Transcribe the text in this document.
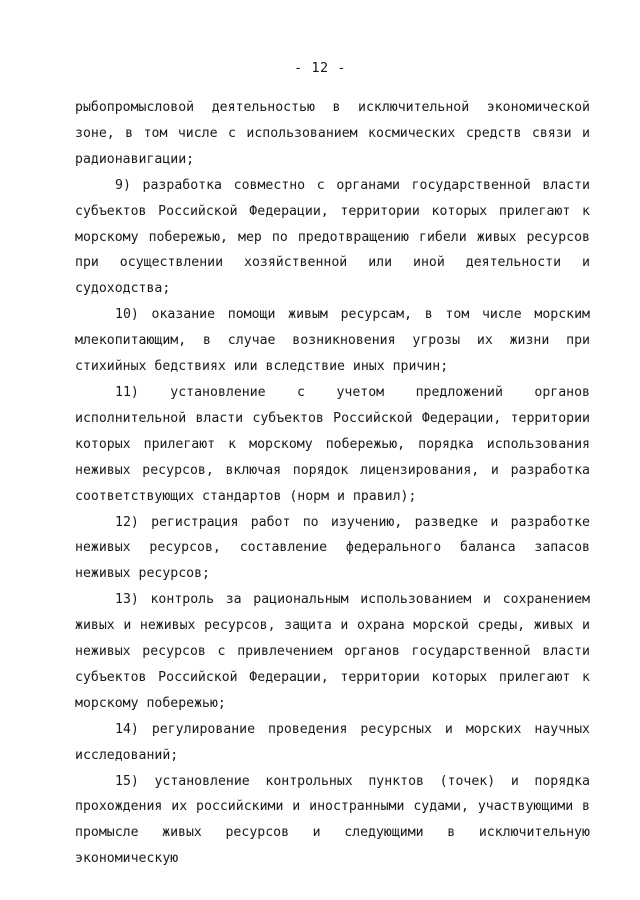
- 12 -

рыбопромысловой деятельностью в исключительной экономической зоне, в том числе с использованием космических средств связи и радионавигации;

9) разработка совместно с органами государственной власти субъектов Российской Федерации, территории которых прилегают к морскому побережью, мер по предотвращению гибели живых ресурсов при осуществлении хозяйственной или иной деятельности и судоходства;

10) оказание помощи живым ресурсам, в том числе морским млекопитающим, в случае возникновения угрозы их жизни при стихийных бедствиях или вследствие иных причин;

11) установление с учетом предложений органов исполнительной власти субъектов Российской Федерации, территории которых прилегают к морскому побережью, порядка использования неживых ресурсов, включая порядок лицензирования, и разработка соответствующих стандартов (норм и правил);

12) регистрация работ по изучению, разведке и разработке неживых ресурсов, составление федерального баланса запасов неживых ресурсов;

13) контроль за рациональным использованием и сохранением живых и неживых ресурсов, защита и охрана морской среды, живых и неживых ресурсов с привлечением органов государственной власти субъектов Российской Федерации, территории которых прилегают к морскому побережью;

14) регулирование проведения ресурсных и морских научных исследований;

15) установление контрольных пунктов (точек) и порядка прохождения их российскими и иностранными судами, участвующими в промысле живых ресурсов и следующими в исключительную экономическую
